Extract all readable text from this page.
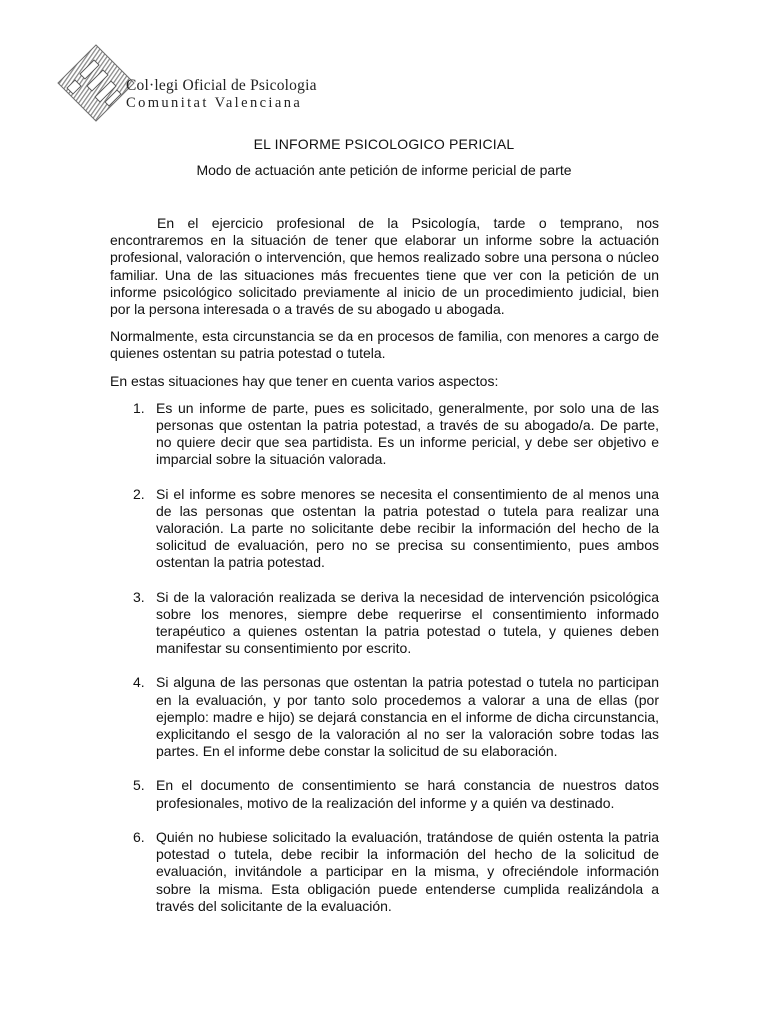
Col·legi Oficial de Psicologia
Comunitat Valenciana
EL INFORME PSICOLOGICO PERICIAL
Modo de actuación ante petición de informe pericial de parte

En el ejercicio profesional de la Psicología, tarde o temprano, nos encontraremos en la situación de tener que elaborar un informe sobre la actuación profesional, valoración o intervención, que hemos realizado sobre una persona o núcleo familiar. Una de las situaciones más frecuentes tiene que ver con la petición de un informe psicológico solicitado previamente al inicio de un procedimiento judicial, bien por la persona interesada o a través de su abogado u abogada.

Normalmente, esta circunstancia se da en procesos de familia, con menores a cargo de quienes ostentan su patria potestad o tutela.

En estas situaciones hay que tener en cuenta varios aspectos:

1. Es un informe de parte, pues es solicitado, generalmente, por solo una de las personas que ostentan la patria potestad, a través de su abogado/a. De parte, no quiere decir que sea partidista. Es un informe pericial, y debe ser objetivo e imparcial sobre la situación valorada.
2. Si el informe es sobre menores se necesita el consentimiento de al menos una de las personas que ostentan la patria potestad o tutela para realizar una valoración. La parte no solicitante debe recibir la información del hecho de la solicitud de evaluación, pero no se precisa su consentimiento, pues ambos ostentan la patria potestad.
3. Si de la valoración realizada se deriva la necesidad de intervención psicológica sobre los menores, siempre debe requerirse el consentimiento informado terapéutico a quienes ostentan la patria potestad o tutela, y quienes deben manifestar su consentimiento por escrito.
4. Si alguna de las personas que ostentan la patria potestad o tutela no participan en la evaluación, y por tanto solo procedemos a valorar a una de ellas (por ejemplo: madre e hijo) se dejará constancia en el informe de dicha circunstancia, explicitando el sesgo de la valoración al no ser la valoración sobre todas las partes. En el informe debe constar la solicitud de su elaboración.
5. En el documento de consentimiento se hará constancia de nuestros datos profesionales, motivo de la realización del informe y a quién va destinado.
6. Quién no hubiese solicitado la evaluación, tratándose de quién ostenta la patria potestad o tutela, debe recibir la información del hecho de la solicitud de evaluación, invitándole a participar en la misma, y ofreciéndole información sobre la misma. Esta obligación puede entenderse cumplida realizándola a través del solicitante de la evaluación.
